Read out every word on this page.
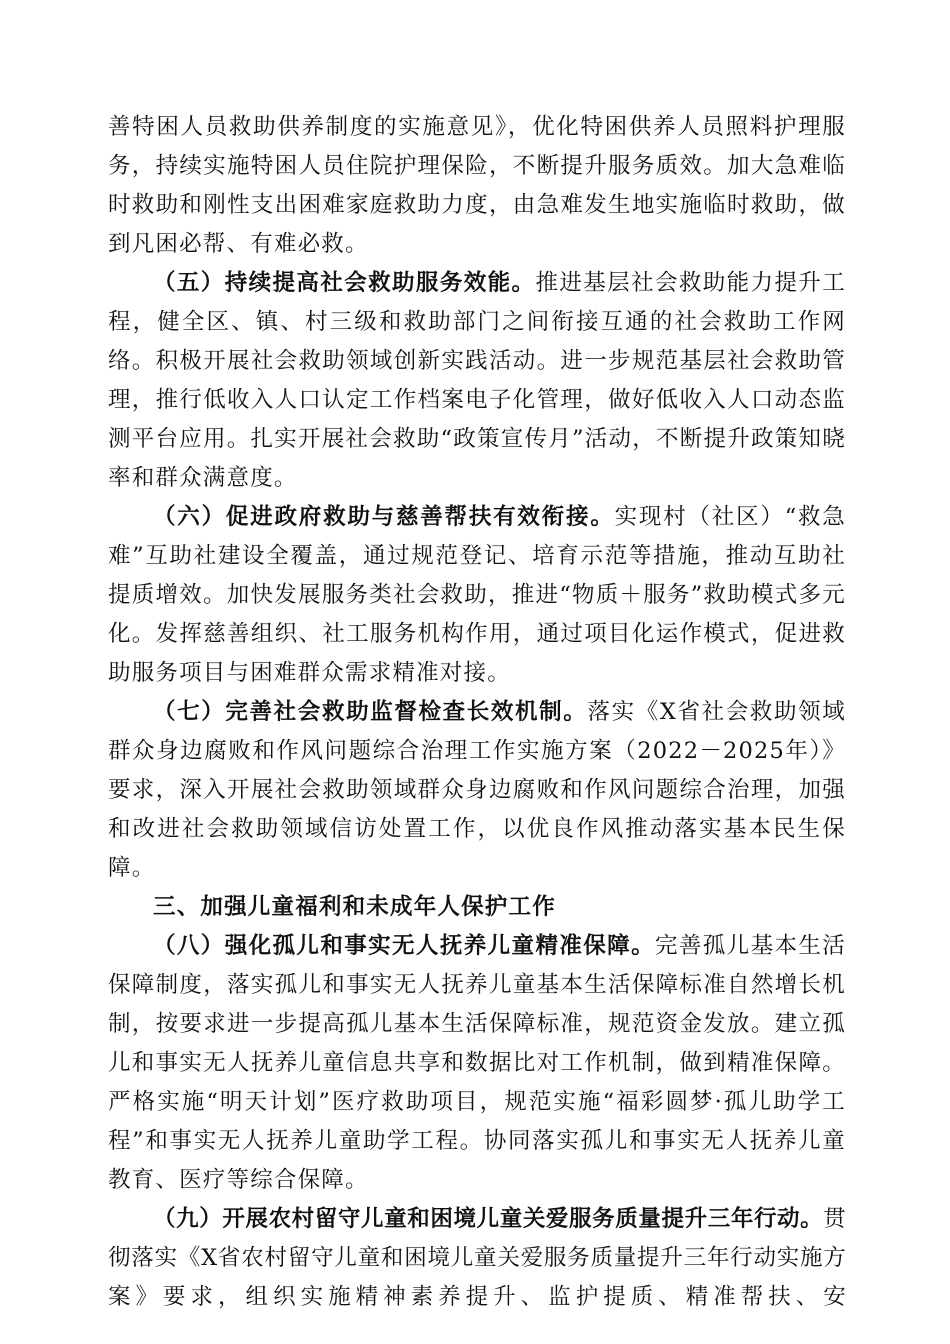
善特困人员救助供养制度的实施意见》，优化特困供养人员照料护理服务，持续实施特困人员住院护理保险，不断提升服务质效。加大急难临时救助和刚性支出困难家庭救助力度，由急难发生地实施临时救助，做到凡困必帮、有难必救。

（五）持续提高社会救助服务效能。推进基层社会救助能力提升工程，健全区、镇、村三级和救助部门之间衔接互通的社会救助工作网络。积极开展社会救助领域创新实践活动。进一步规范基层社会救助管理，推行低收入人口认定工作档案电子化管理，做好低收入人口动态监测平台应用。扎实开展社会救助“政策宣传月”活动，不断提升政策知晓率和群众满意度。

（六）促进政府救助与慈善帮扶有效衔接。实现村（社区）“救急难”互助社建设全覆盖，通过规范登记、培育示范等措施，推动互助社提质增效。加快发展服务类社会救助，推进“物质＋服务”救助模式多元化。发挥慈善组织、社工服务机构作用，通过项目化运作模式，促进救助服务项目与困难群众需求精准对接。

（七）完善社会救助监督检查长效机制。落实《X省社会救助领域群众身边腐败和作风问题综合治理工作实施方案（2022－2025年）》要求，深入开展社会救助领域群众身边腐败和作风问题综合治理，加强和改进社会救助领域信访处置工作，以优良作风推动落实基本民生保障。

三、加强儿童福利和未成年人保护工作

（八）强化孤儿和事实无人抚养儿童精准保障。完善孤儿基本生活保障制度，落实孤儿和事实无人抚养儿童基本生活保障标准自然增长机制，按要求进一步提高孤儿基本生活保障标准，规范资金发放。建立孤儿和事实无人抚养儿童信息共享和数据比对工作机制，做到精准保障。严格实施“明天计划”医疗救助项目，规范实施“福彩圆梦·孤儿助学工程”和事实无人抚养儿童助学工程。协同落实孤儿和事实无人抚养儿童教育、医疗等综合保障。

（九）开展农村留守儿童和困境儿童关爱服务质量提升三年行动。贯彻落实《X省农村留守儿童和困境儿童关爱服务质量提升三年行动实施方案》要求，组织实施精神素养提升、监护提质、精准帮扶、安
